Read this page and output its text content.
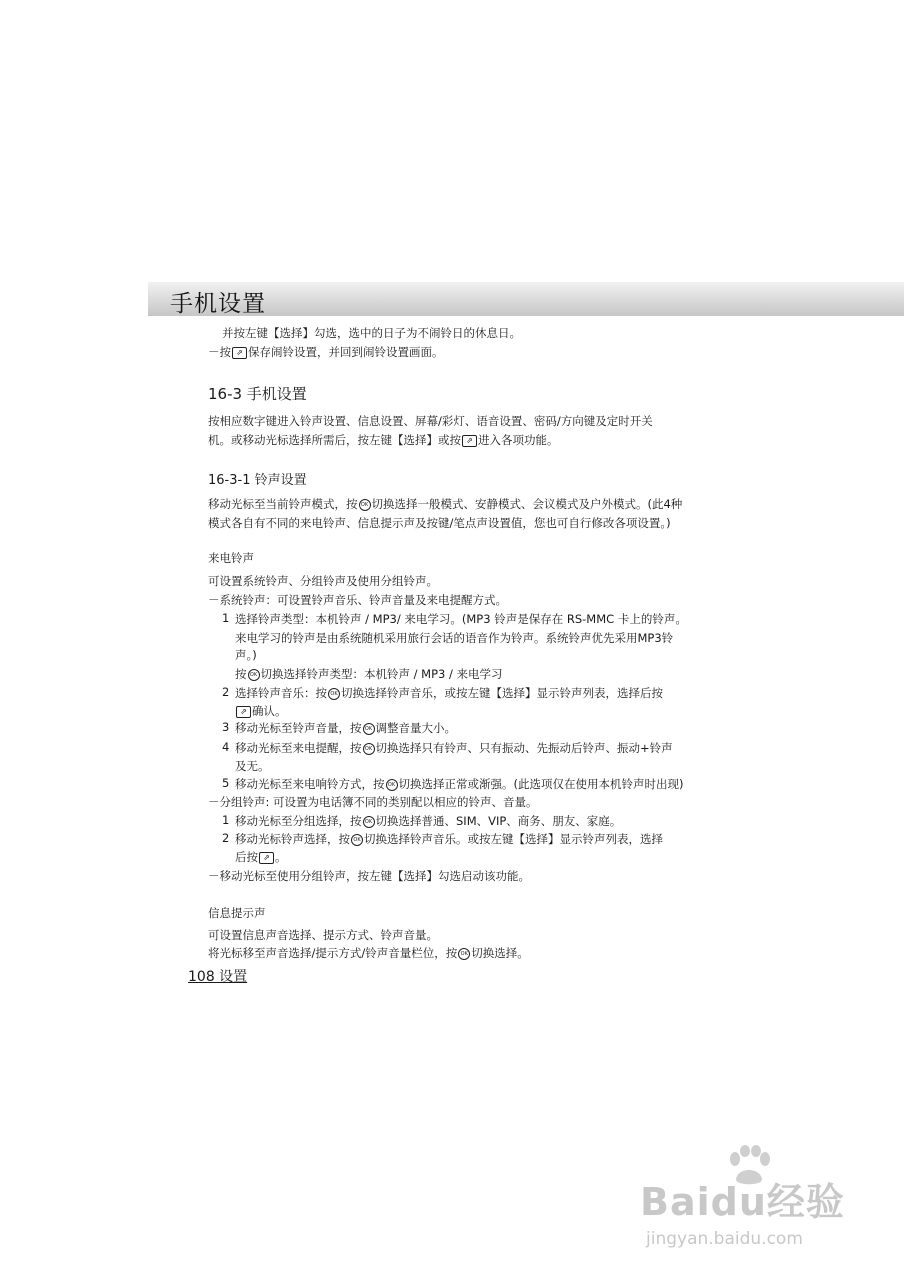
手机设置
并按左键【选择】勾选，选中的日子为不闹铃日的休息日。
－按 ⇗ 保存闹铃设置，并回到闹铃设置画面。
16-3 手机设置
按相应数字键进入铃声设置、信息设置、屏幕/彩灯、语音设置、密码/方向键及定时开关
机。或移动光标选择所需后，按左键【选择】或按 ⇗ 进入各项功能。
16-3-1 铃声设置
移动光标至当前铃声模式，按 OK 切换选择一般模式、安静模式、会议模式及户外模式。(此4种
模式各自有不同的来电铃声、信息提示声及按键/笔点声设置值，您也可自行修改各项设置。)
来电铃声
可设置系统铃声、分组铃声及使用分组铃声。
－系统铃声：可设置铃声音乐、铃声音量及来电提醒方式。
1 选择铃声类型：本机铃声 / MP3/ 来电学习。(MP3 铃声是保存在 RS-MMC 卡上的铃声。
来电学习的铃声是由系统随机采用旅行会话的语音作为铃声。系统铃声优先采用MP3铃
声。)
按 OK 切换选择铃声类型：本机铃声 / MP3 / 来电学习
2 选择铃声音乐：按 OK 切换选择铃声音乐，或按左键【选择】显示铃声列表，选择后按
⇗ 确认。
3 移动光标至铃声音量，按 OK 调整音量大小。
4 移动光标至来电提醒，按 OK 切换选择只有铃声、只有振动、先振动后铃声、振动+铃声
及无。
5 移动光标至来电响铃方式，按 OK 切换选择正常或渐强。(此选项仅在使用本机铃声时出现)
－分组铃声: 可设置为电话簿不同的类别配以相应的铃声、音量。
1 移动光标至分组选择，按 OK 切换选择普通、SIM、VIP、商务、朋友、家庭。
2 移动光标铃声选择，按 OK 切换选择铃声音乐。或按左键【选择】显示铃声列表，选择
后按 ⇗ 。
－移动光标至使用分组铃声，按左键【选择】勾选启动该功能。
信息提示声
可设置信息声音选择、提示方式、铃声音量。
将光标移至声音选择/提示方式/铃声音量栏位，按 OK 切换选择。
108 设置
Baidu经验
jingyan.baidu.com
